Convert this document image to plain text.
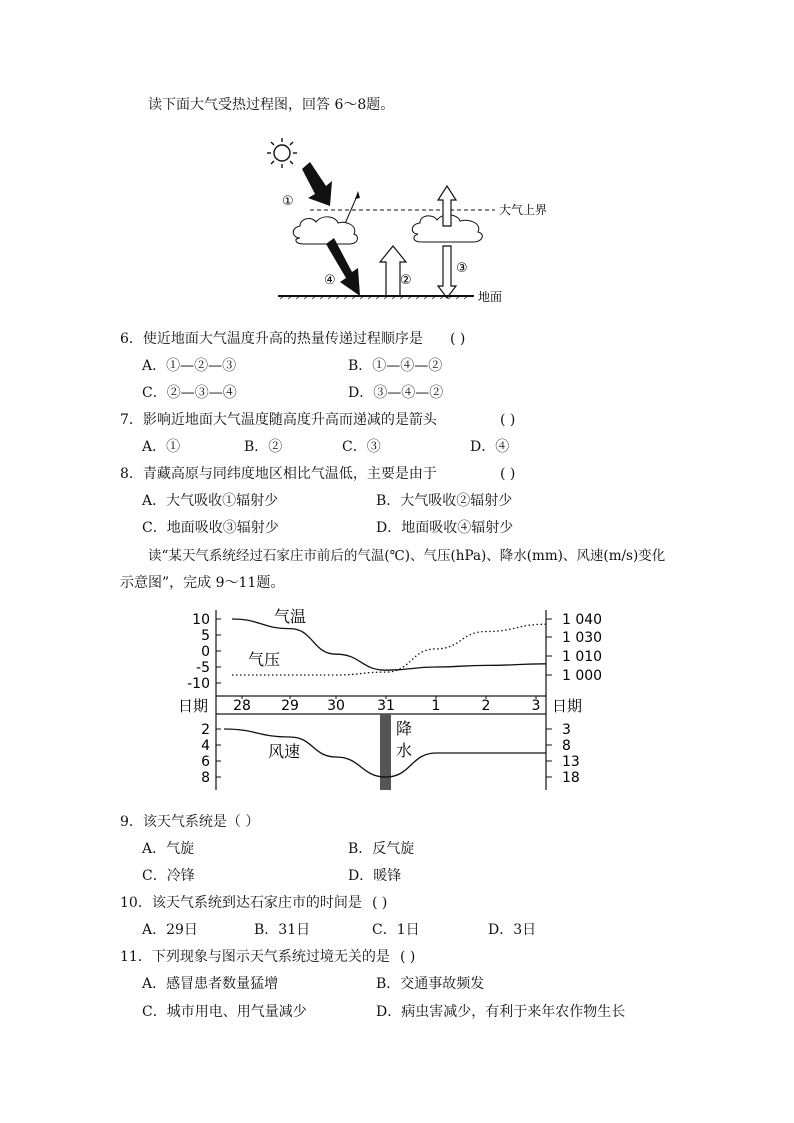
读下面大气受热过程图，回答 6～8题。
大气上界
①
④	②
③
地面
6．使近地面大气温度升高的热量传递过程顺序是 ( )
A．①—②—③	B．①—④—②
C．②—③—④	D．③—④—②
7．影响近地面大气温度随高度升高而递减的是箭头	( )
A．①	B．②	C．③	D．④
8．青藏高原与同纬度地区相比气温低，主要是由于	( )
A．大气吸收①辐射少	B．大气吸收②辐射少
C．地面吸收③辐射少	D．地面吸收④辐射少
读“某天气系统经过石家庄市前后的气温(℃)、气压(hPa)、降水(mm)、风速(m/s)变化
示意图”，完成 9～11题。
日期	日期
28 29 30 31	1	2	3
10
5
0
-5
-10
1 040
1 030
1 010
1 000
2
4
6
8
3
8
13
18
降
水
气温
气压
风速
9．该天气系统是（ ）
A．气旋	B．反气旋
C．冷锋	D．暖锋
10．该天气系统到达石家庄市的时间是 ( )
A．29日	B．31日	C．1日	D．3日
11．下列现象与图示天气系统过境无关的是 ( )
A．感冒患者数量猛增	B．交通事故频发
C．城市用电、用气量减少	D．病虫害减少，有利于来年农作物生长
